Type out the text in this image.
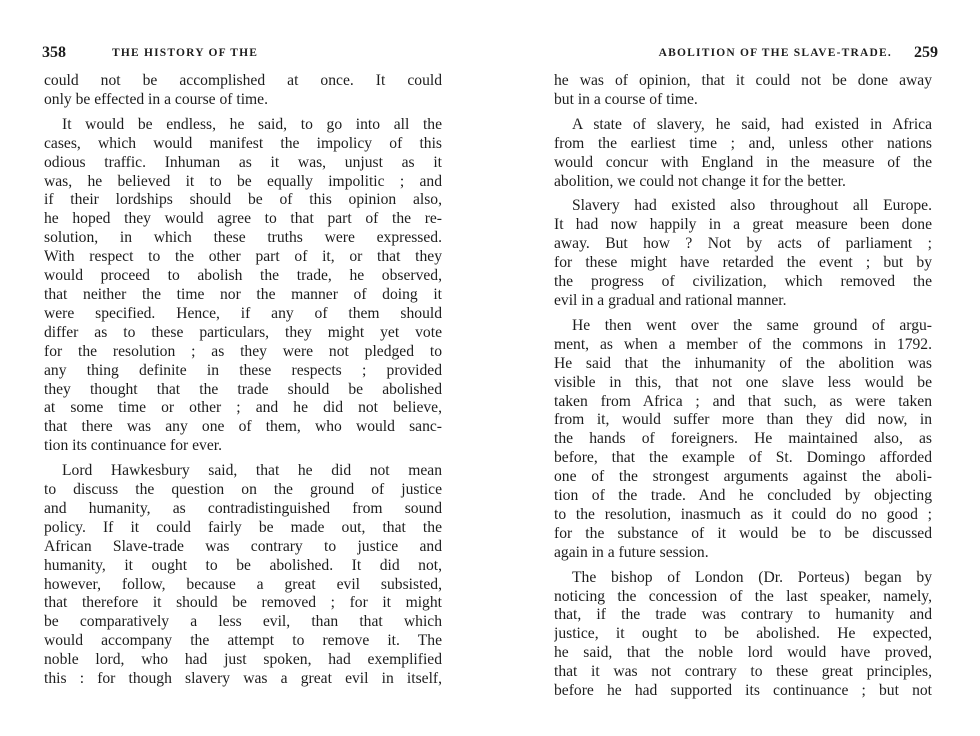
358	THE HISTORY OF THE
could not be accomplished at once. It could
only be effected in a course of time.
It would be endless, he said, to go into all the
cases, which would manifest the impolicy of this
odious traffic. Inhuman as it was, unjust as it
was, he believed it to be equally impolitic ; and
if their lordships should be of this opinion also,
he hoped they would agree to that part of the re-
solution, in which these truths were expressed.
With respect to the other part of it, or that they
would proceed to abolish the trade, he observed,
that neither the time nor the manner of doing it
were specified. Hence, if any of them should
differ as to these particulars, they might yet vote
for the resolution ; as they were not pledged to
any thing definite in these respects ; provided
they thought that the trade should be abolished
at some time or other ; and he did not believe,
that there was any one of them, who would sanc-
tion its continuance for ever.
Lord Hawkesbury said, that he did not mean
to discuss the question on the ground of justice
and humanity, as contradistinguished from sound
policy. If it could fairly be made out, that the
African Slave-trade was contrary to justice and
humanity, it ought to be abolished. It did not,
however, follow, because a great evil subsisted,
that therefore it should be removed ; for it might
be comparatively a less evil, than that which
would accompany the attempt to remove it. The
noble lord, who had just spoken, had exemplified
this : for though slavery was a great evil in itself,
ABOLITION OF THE SLAVE-TRADE. 259
he was of opinion, that it could not be done away
but in a course of time.
A state of slavery, he said, had existed in Africa
from the earliest time ; and, unless other nations
would concur with England in the measure of the
abolition, we could not change it for the better.
Slavery had existed also throughout all Europe.
It had now happily in a great measure been done
away. But how ? Not by acts of parliament ;
for these might have retarded the event ; but by
the progress of civilization, which removed the
evil in a gradual and rational manner.
He then went over the same ground of argu-
ment, as when a member of the commons in 1792.
He said that the inhumanity of the abolition was
visible in this, that not one slave less would be
taken from Africa ; and that such, as were taken
from it, would suffer more than they did now, in
the hands of foreigners. He maintained also, as
before, that the example of St. Domingo afforded
one of the strongest arguments against the aboli-
tion of the trade. And he concluded by objecting
to the resolution, inasmuch as it could do no good ;
for the substance of it would be to be discussed
again in a future session.
The bishop of London (Dr. Porteus) began by
noticing the concession of the last speaker, namely,
that, if the trade was contrary to humanity and
justice, it ought to be abolished. He expected,
he said, that the noble lord would have proved,
that it was not contrary to these great principles,
before he had supported its continuance ; but not
